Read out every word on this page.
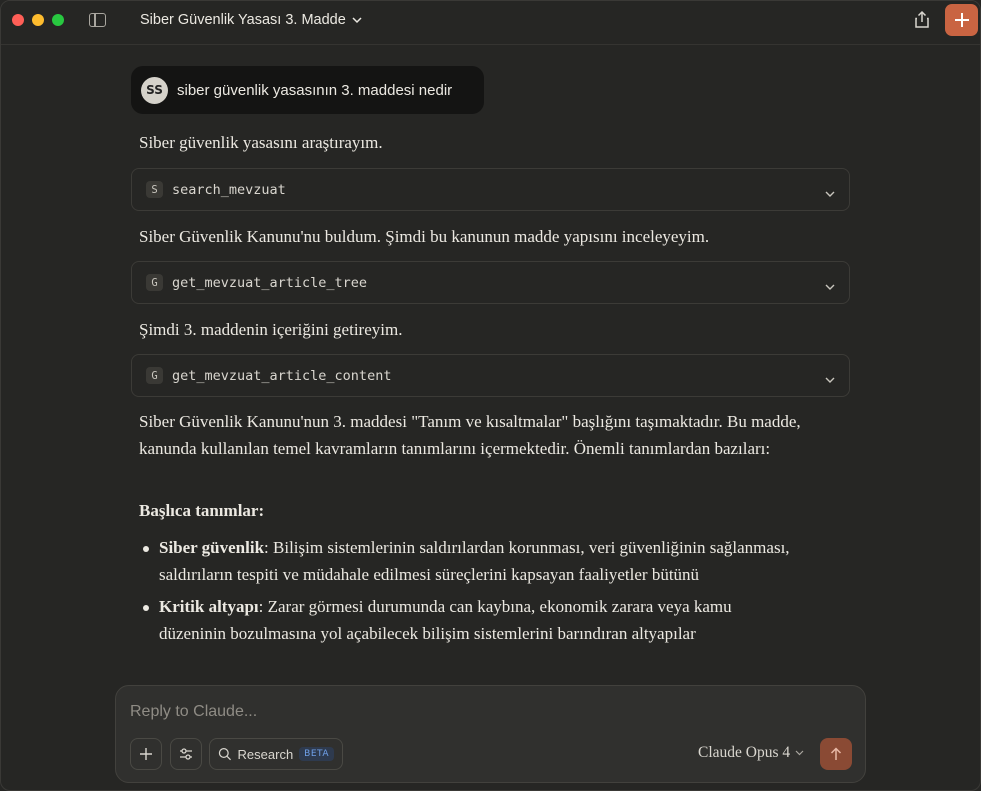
Siber Güvenlik Yasası 3. Madde
SS siber güvenlik yasasının 3. maddesi nedir
Siber güvenlik yasasını araştırayım.
S	search_mevzuat
Siber Güvenlik Kanunu'nu buldum. Şimdi bu kanunun madde yapısını inceleyeyim.
G	get_mevzuat_article_tree
Şimdi 3. maddenin içeriğini getireyim.
G	get_mevzuat_article_content
Siber Güvenlik Kanunu'nun 3. maddesi "Tanım ve kısaltmalar" başlığını taşımaktadır. Bu madde, kanunda kullanılan temel kavramların tanımlarını içermektedir. Önemli tanımlardan bazıları:
Başlıca tanımlar:
Siber güvenlik: Bilişim sistemlerinin saldırılardan korunması, veri güvenliğinin sağlanması, saldırıların tespiti ve müdahale edilmesi süreçlerini kapsayan faaliyetler bütünü
Kritik altyapı: Zarar görmesi durumunda can kaybına, ekonomik zarara veya kamu düzeninin bozulmasına yol açabilecek bilişim sistemlerini barındıran altyapılar
Reply to Claude...
Research	BETA	Claude Opus 4
